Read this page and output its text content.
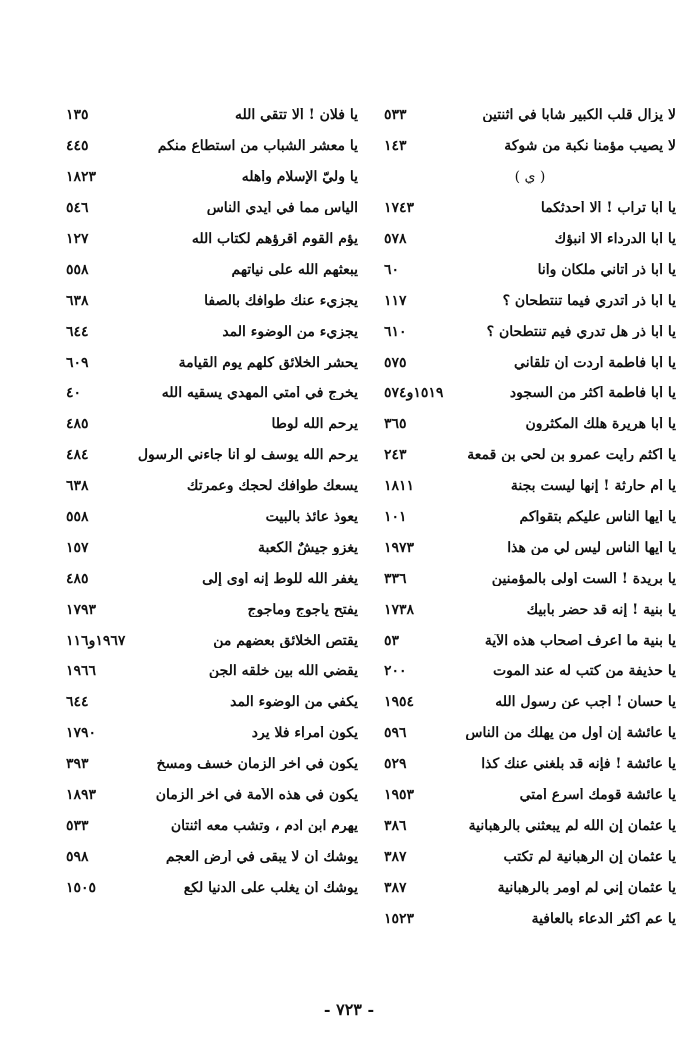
لا يزال قلب الكبير شاباً في اثنتين
٥٣٣
لا يصيب مؤمناً نكبة من شوكة
١٤٣
( ي )
يا أبا تراب ! ألا أحدثكما
١٧٤٣
يا أبا الدرداء ألا أنبؤك
٥٧٨
يا أبا ذر أتاني ملكان وأنا
٦٠
يا أبا ذر أتدري فيما تنتطحان ؟
١١٧
يا أبا ذر هل تدري فيم تنتطحان ؟
٦١٠
يا أبا فاطمة أردت أن تلقاني
٥٧٥
يا أبا فاطمة أكثر من السجود
١٥١٩و٥٧٤
يا أبا هريرة هلك المكثرون
٣٦٥
يا أكثم رأيت عمرو بن لحي بن قمعة
٢٤٣
يا أم حارثة ! إنها ليست بجنة
١٨١١
يا أيها الناس عليكم بتقواكم
١٠١
يا أيها الناس ليس لي من هذا
١٩٧٣
يا بريدة ! ألست أولى بالمؤمنين
٣٣٦
يا بنية ! إنه قد حضر بأبيك
١٧٣٨
يا بنية ما أعرف أصحاب هذه الآية
٥٣
يا حذيفة من كتب له عند الموت
٢٠٠
يا حسان ! أجب عن رسول الله
١٩٥٤
يا عائشة إن أول من يهلك من الناس
٥٩٦
يا عائشة ! فإنه قد بلغني عنك كذا
٥٢٩
يا عائشة قومك أسرع أمتي
١٩٥٣
يا عثمان إن الله لم يبعثني بالرهبانية
٣٨٦
يا عثمان إن الرهبانية لم تكتب
٣٨٧
يا عثمان إني لم أومر بالرهبانية
٣٨٧
يا عم أكثر الدعاء بالعافية
١٥٢٣
يا فلان ! ألا تتقي الله
١٣٥
يا معشر الشباب من استطاع منكم
٤٤٥
يا وليّ الإسلام وأهله
١٨٢٣
اليأس مما في أيدي الناس
٥٤٦
يؤم القوم أقرؤهم لكتاب الله
١٢٧
يبعثهم الله على نياتهم
٥٥٨
يجزيء عنك طوافك بالصفا
٦٣٨
يجزيء من الوضوء المد
٦٤٤
يحشر الخلائق كلهم يوم القيامة
٦٠٩
يخرج في أمتي المهدي يسقيه الله
٤٠
يرحم الله لوطاً
٤٨٥
يرحم الله يوسف لو أنا جاءني الرسول
٤٨٤
يسعك طوافك لحجك وعمرتك
٦٣٨
يعوذ عائذ بالبيت
٥٥٨
يغزو جيشٌ الكعبة
١٥٧
يغفر الله للوط إنه أوى إلى
٤٨٥
يفتح يأجوج ومأجوج
١٧٩٣
يقتص الخلائق بعضهم من
١٩٦٧و١١٦
يقضي الله بين خلقه الجن
١٩٦٦
يكفي من الوضوء المد
٦٤٤
يكون أمراء فلا يرد
١٧٩٠
يكون في آخر الزمان خسف ومسخ
٣٩٣
يكون في هذه الأمة في آخر الزمان
١٨٩٣
يهرم ابن آدم ، وتشب معه اثنتان
٥٣٣
يوشك أن لا يبقى في أرض العجم
٥٩٨
يوشك أن يغلب على الدنيا لكع
١٥٠٥
- ٧٢٣ -
